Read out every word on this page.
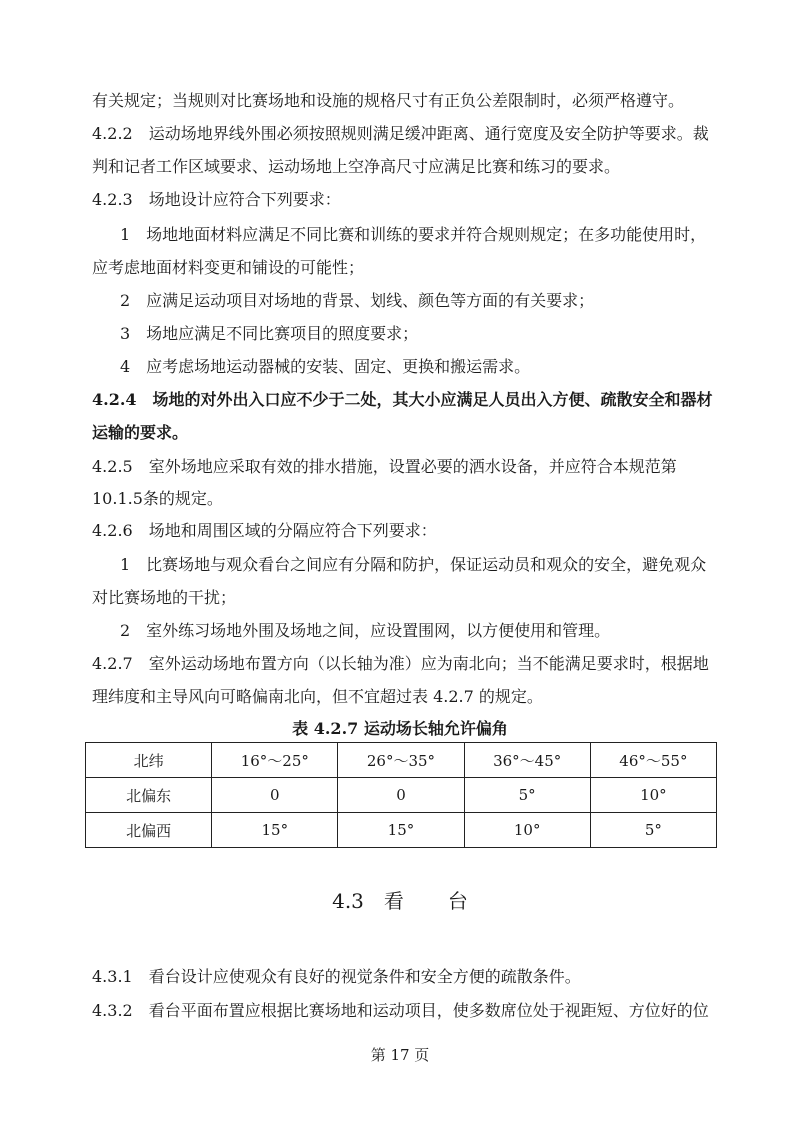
有关规定；当规则对比赛场地和设施的规格尺寸有正负公差限制时，必须严格遵守。
4.2.2　运动场地界线外围必须按照规则满足缓冲距离、通行宽度及安全防护等要求。裁
判和记者工作区域要求、运动场地上空净高尺寸应满足比赛和练习的要求。
4.2.3　场地设计应符合下列要求：
1　场地地面材料应满足不同比赛和训练的要求并符合规则规定；在多功能使用时，
应考虑地面材料变更和铺设的可能性；
2　应满足运动项目对场地的背景、划线、颜色等方面的有关要求；
3　场地应满足不同比赛项目的照度要求；
4　应考虑场地运动器械的安装、固定、更换和搬运需求。
4.2.4　场地的对外出入口应不少于二处，其大小应满足人员出入方便、疏散安全和器材
运输的要求。
4.2.5　室外场地应采取有效的排水措施，设置必要的洒水设备，并应符合本规范第
10.1.5条的规定。
4.2.6　场地和周围区域的分隔应符合下列要求：
1　比赛场地与观众看台之间应有分隔和防护，保证运动员和观众的安全，避免观众
对比赛场地的干扰；
2　室外练习场地外围及场地之间，应设置围网，以方便使用和管理。
4.2.7　室外运动场地布置方向（以长轴为准）应为南北向；当不能满足要求时，根据地
理纬度和主导风向可略偏南北向，但不宜超过表 4.2.7 的规定。
表 4.2.7 运动场长轴允许偏角
北纬	16°～25°	26°～35°	36°～45°	46°～55°
北偏东	0	0	5°	10°
北偏西	15°	15°	10°	5°
4.3 看 台
4.3.1　看台设计应使观众有良好的视觉条件和安全方便的疏散条件。
4.3.2　看台平面布置应根据比赛场地和运动项目，使多数席位处于视距短、方位好的位
第 17 页
